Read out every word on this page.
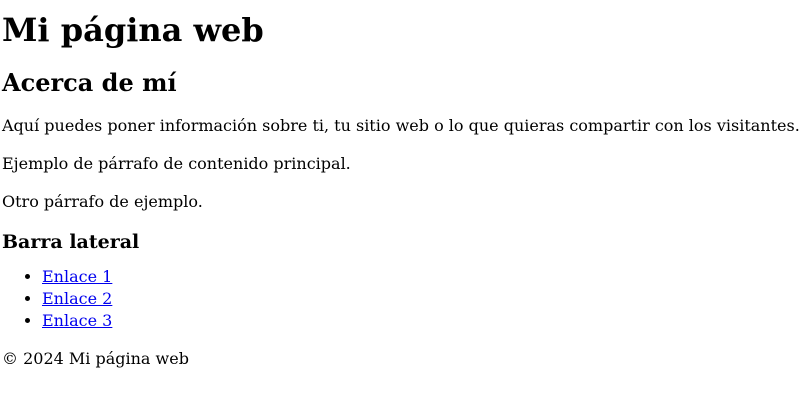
Mi página web
Acerca de mí

Aquí puedes poner información sobre ti, tu sitio web o lo que quieras compartir con los visitantes.

Ejemplo de párrafo de contenido principal.

Otro párrafo de ejemplo.

Barra lateral
• Enlace 1
• Enlace 2
• Enlace 3
© 2024 Mi página web
